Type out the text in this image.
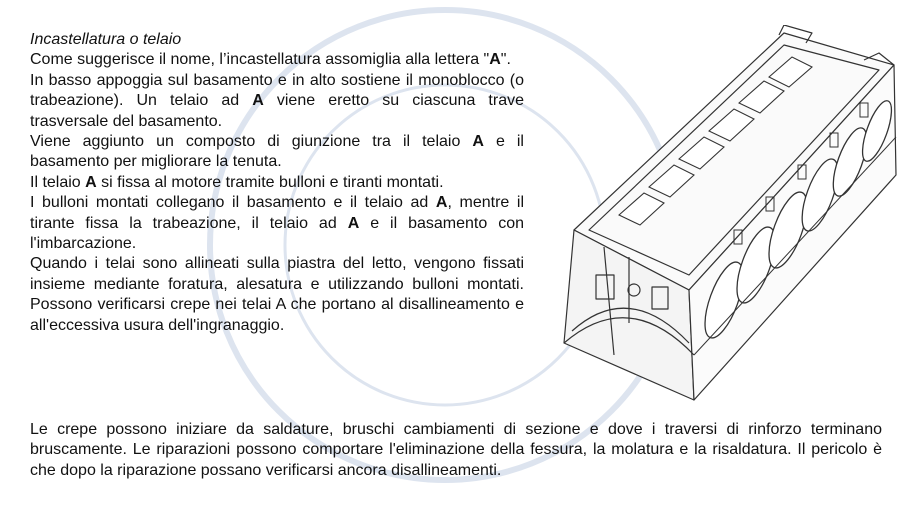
Incastellatura o telaio

Come suggerisce il nome, l’incastellatura assomiglia alla lettera "A".

In basso appoggia sul basamento e in alto sostiene il monoblocco (o trabeazione). Un telaio ad A viene eretto su ciascuna trave trasversale del basamento.

Viene aggiunto un composto di giunzione tra il telaio A e il basamento per migliorare la tenuta.

Il telaio A si fissa al motore tramite bulloni e tiranti montati.

I bulloni montati collegano il basamento e il telaio ad A, mentre il tirante fissa la trabeazione, il telaio ad A e il basamento con l'imbarcazione.

Quando i telai sono allineati sulla piastra del letto, vengono fissati insieme mediante foratura, alesatura e utilizzando bulloni montati. Possono verificarsi crepe nei telai A che portano al disallineamento e all'eccessiva usura dell'ingranaggio.

Le crepe possono iniziare da saldature, bruschi cambiamenti di sezione e dove i traversi di rinforzo terminano bruscamente. Le riparazioni possono comportare l'eliminazione della fessura, la molatura e la risaldatura. Il pericolo è che dopo la riparazione possano verificarsi ancora disallineamenti.
